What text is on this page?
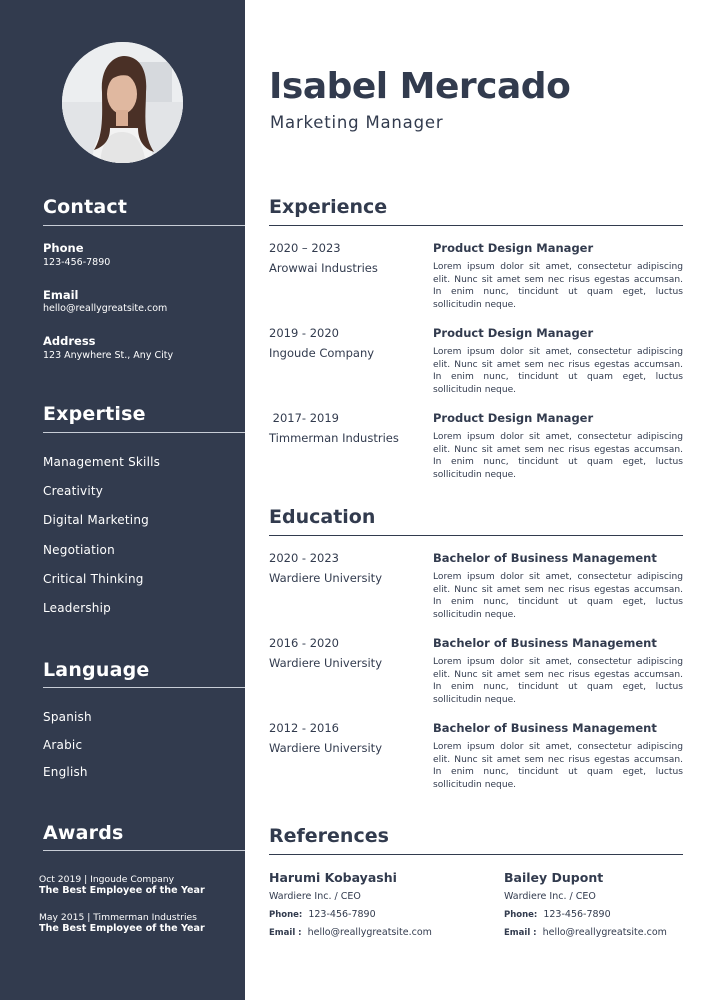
Contact
Phone
123-456-7890
Email
hello@reallygreatsite.com
Address
123 Anywhere St., Any City
Expertise
Management Skills
Creativity
Digital Marketing
Negotiation
Critical Thinking
Leadership
Language
Spanish
Arabic
English
Awards
Oct 2019 | Ingoude Company
The Best Employee of the Year
May 2015 | Timmerman Industries
The Best Employee of the Year
Isabel Mercado
Marketing Manager
Experience
2020 – 2023
Arowwai Industries
Product Design Manager
Lorem ipsum dolor sit amet, consectetur adipiscing elit. Nunc sit amet sem nec risus egestas accumsan. In enim nunc, tincidunt ut quam eget, luctus sollicitudin neque.
2019 - 2020
Ingoude Company
Product Design Manager
Lorem ipsum dolor sit amet, consectetur adipiscing elit. Nunc sit amet sem nec risus egestas accumsan. In enim nunc, tincidunt ut quam eget, luctus sollicitudin neque.
2017- 2019
Timmerman Industries
Product Design Manager
Lorem ipsum dolor sit amet, consectetur adipiscing elit. Nunc sit amet sem nec risus egestas accumsan. In enim nunc, tincidunt ut quam eget, luctus sollicitudin neque.
Education
2020 - 2023
Wardiere University
Bachelor of Business Management
Lorem ipsum dolor sit amet, consectetur adipiscing elit. Nunc sit amet sem nec risus egestas accumsan. In enim nunc, tincidunt ut quam eget, luctus sollicitudin neque.
2016 - 2020
Wardiere University
Bachelor of Business Management
Lorem ipsum dolor sit amet, consectetur adipiscing elit. Nunc sit amet sem nec risus egestas accumsan. In enim nunc, tincidunt ut quam eget, luctus sollicitudin neque.
2012 - 2016
Wardiere University
Bachelor of Business Management
Lorem ipsum dolor sit amet, consectetur adipiscing elit. Nunc sit amet sem nec risus egestas accumsan. In enim nunc, tincidunt ut quam eget, luctus sollicitudin neque.
References
Harumi Kobayashi
Wardiere Inc. / CEO
Phone: 123-456-7890
Email : hello@reallygreatsite.com
Bailey Dupont
Wardiere Inc. / CEO
Phone: 123-456-7890
Email : hello@reallygreatsite.com
